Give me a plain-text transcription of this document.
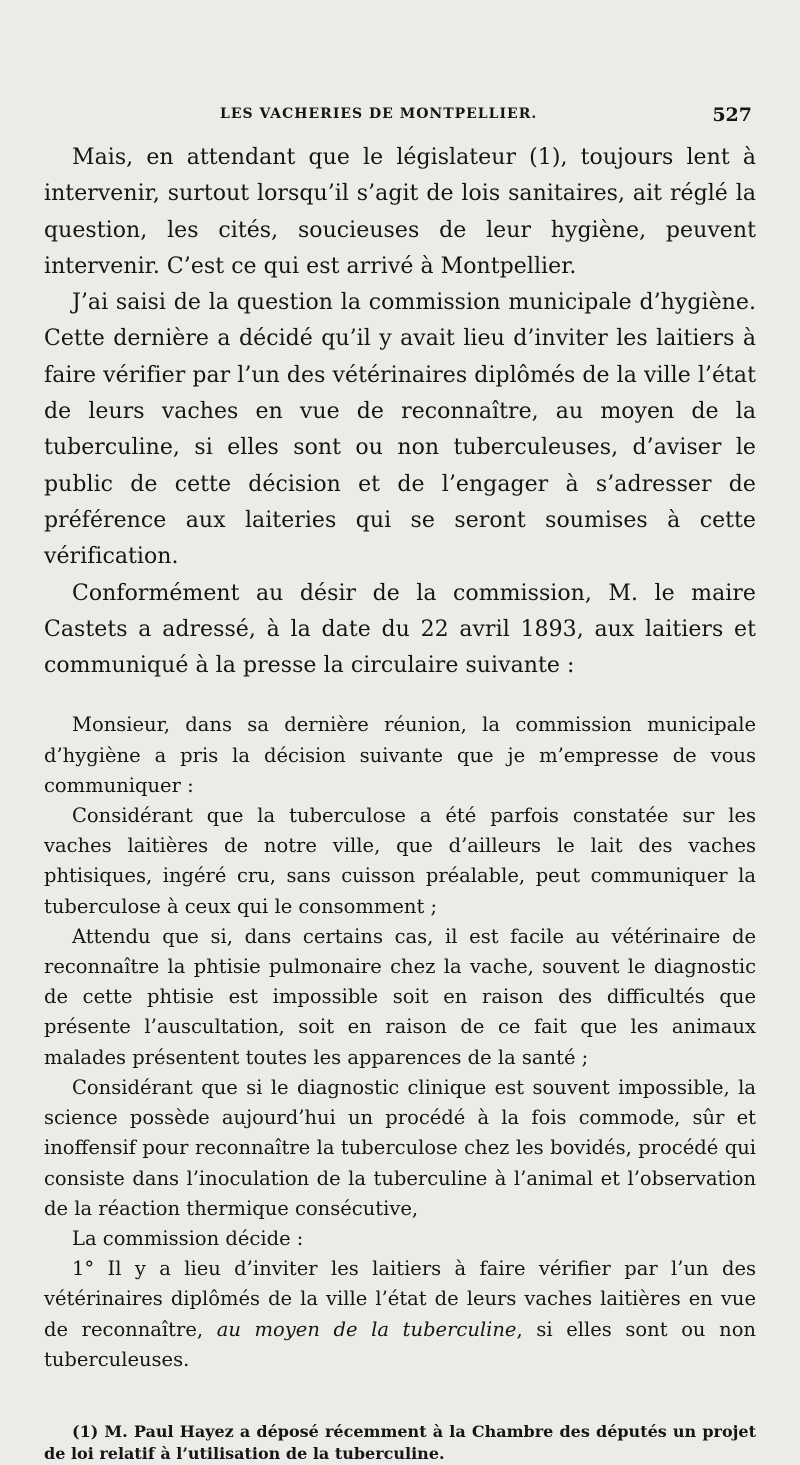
LES VACHERIES DE MONTPELLIER.	527

Mais, en attendant que le législateur (1), toujours lent à intervenir, surtout lorsqu’il s’agit de lois sanitaires, ait réglé la question, les cités, soucieuses de leur hygiène, peuvent intervenir. C’est ce qui est arrivé à Montpellier.

J’ai saisi de la question la commission municipale d’hygiène. Cette dernière a décidé qu’il y avait lieu d’inviter les laitiers à faire vérifier par l’un des vétérinaires diplômés de la ville l’état de leurs vaches en vue de reconnaître, au moyen de la tuberculine, si elles sont ou non tuberculeuses, d’aviser le public de cette décision et de l’engager à s’adresser de préférence aux laiteries qui se seront soumises à cette vérification.

Conformément au désir de la commission, M. le maire Castets a adressé, à la date du 22 avril 1893, aux laitiers et communiqué à la presse la circulaire suivante :

Monsieur, dans sa dernière réunion, la commission municipale d’hygiène a pris la décision suivante que je m’empresse de vous communiquer :

Considérant que la tuberculose a été parfois constatée sur les vaches laitières de notre ville, que d’ailleurs le lait des vaches phtisiques, ingéré cru, sans cuisson préalable, peut communiquer la tuberculose à ceux qui le consomment ;

Attendu que si, dans certains cas, il est facile au vétérinaire de reconnaître la phtisie pulmonaire chez la vache, souvent le diagnostic de cette phtisie est impossible soit en raison des difficultés que présente l’auscultation, soit en raison de ce fait que les animaux malades présentent toutes les apparences de la santé ;

Considérant que si le diagnostic clinique est souvent impossible, la science possède aujourd’hui un procédé à la fois commode, sûr et inoffensif pour reconnaître la tuberculose chez les bovidés, procédé qui consiste dans l’inoculation de la tuberculine à l’animal et l’observation de la réaction thermique consécutive,

La commission décide :

1° Il y a lieu d’inviter les laitiers à faire vérifier par l’un des vétérinaires diplômés de la ville l’état de leurs vaches laitières en vue de reconnaître, au moyen de la tuberculine, si elles sont ou non tuberculeuses.

(1) M. Paul Hayez a déposé récemment à la Chambre des députés un projet de loi relatif à l’utilisation de la tuberculine.
